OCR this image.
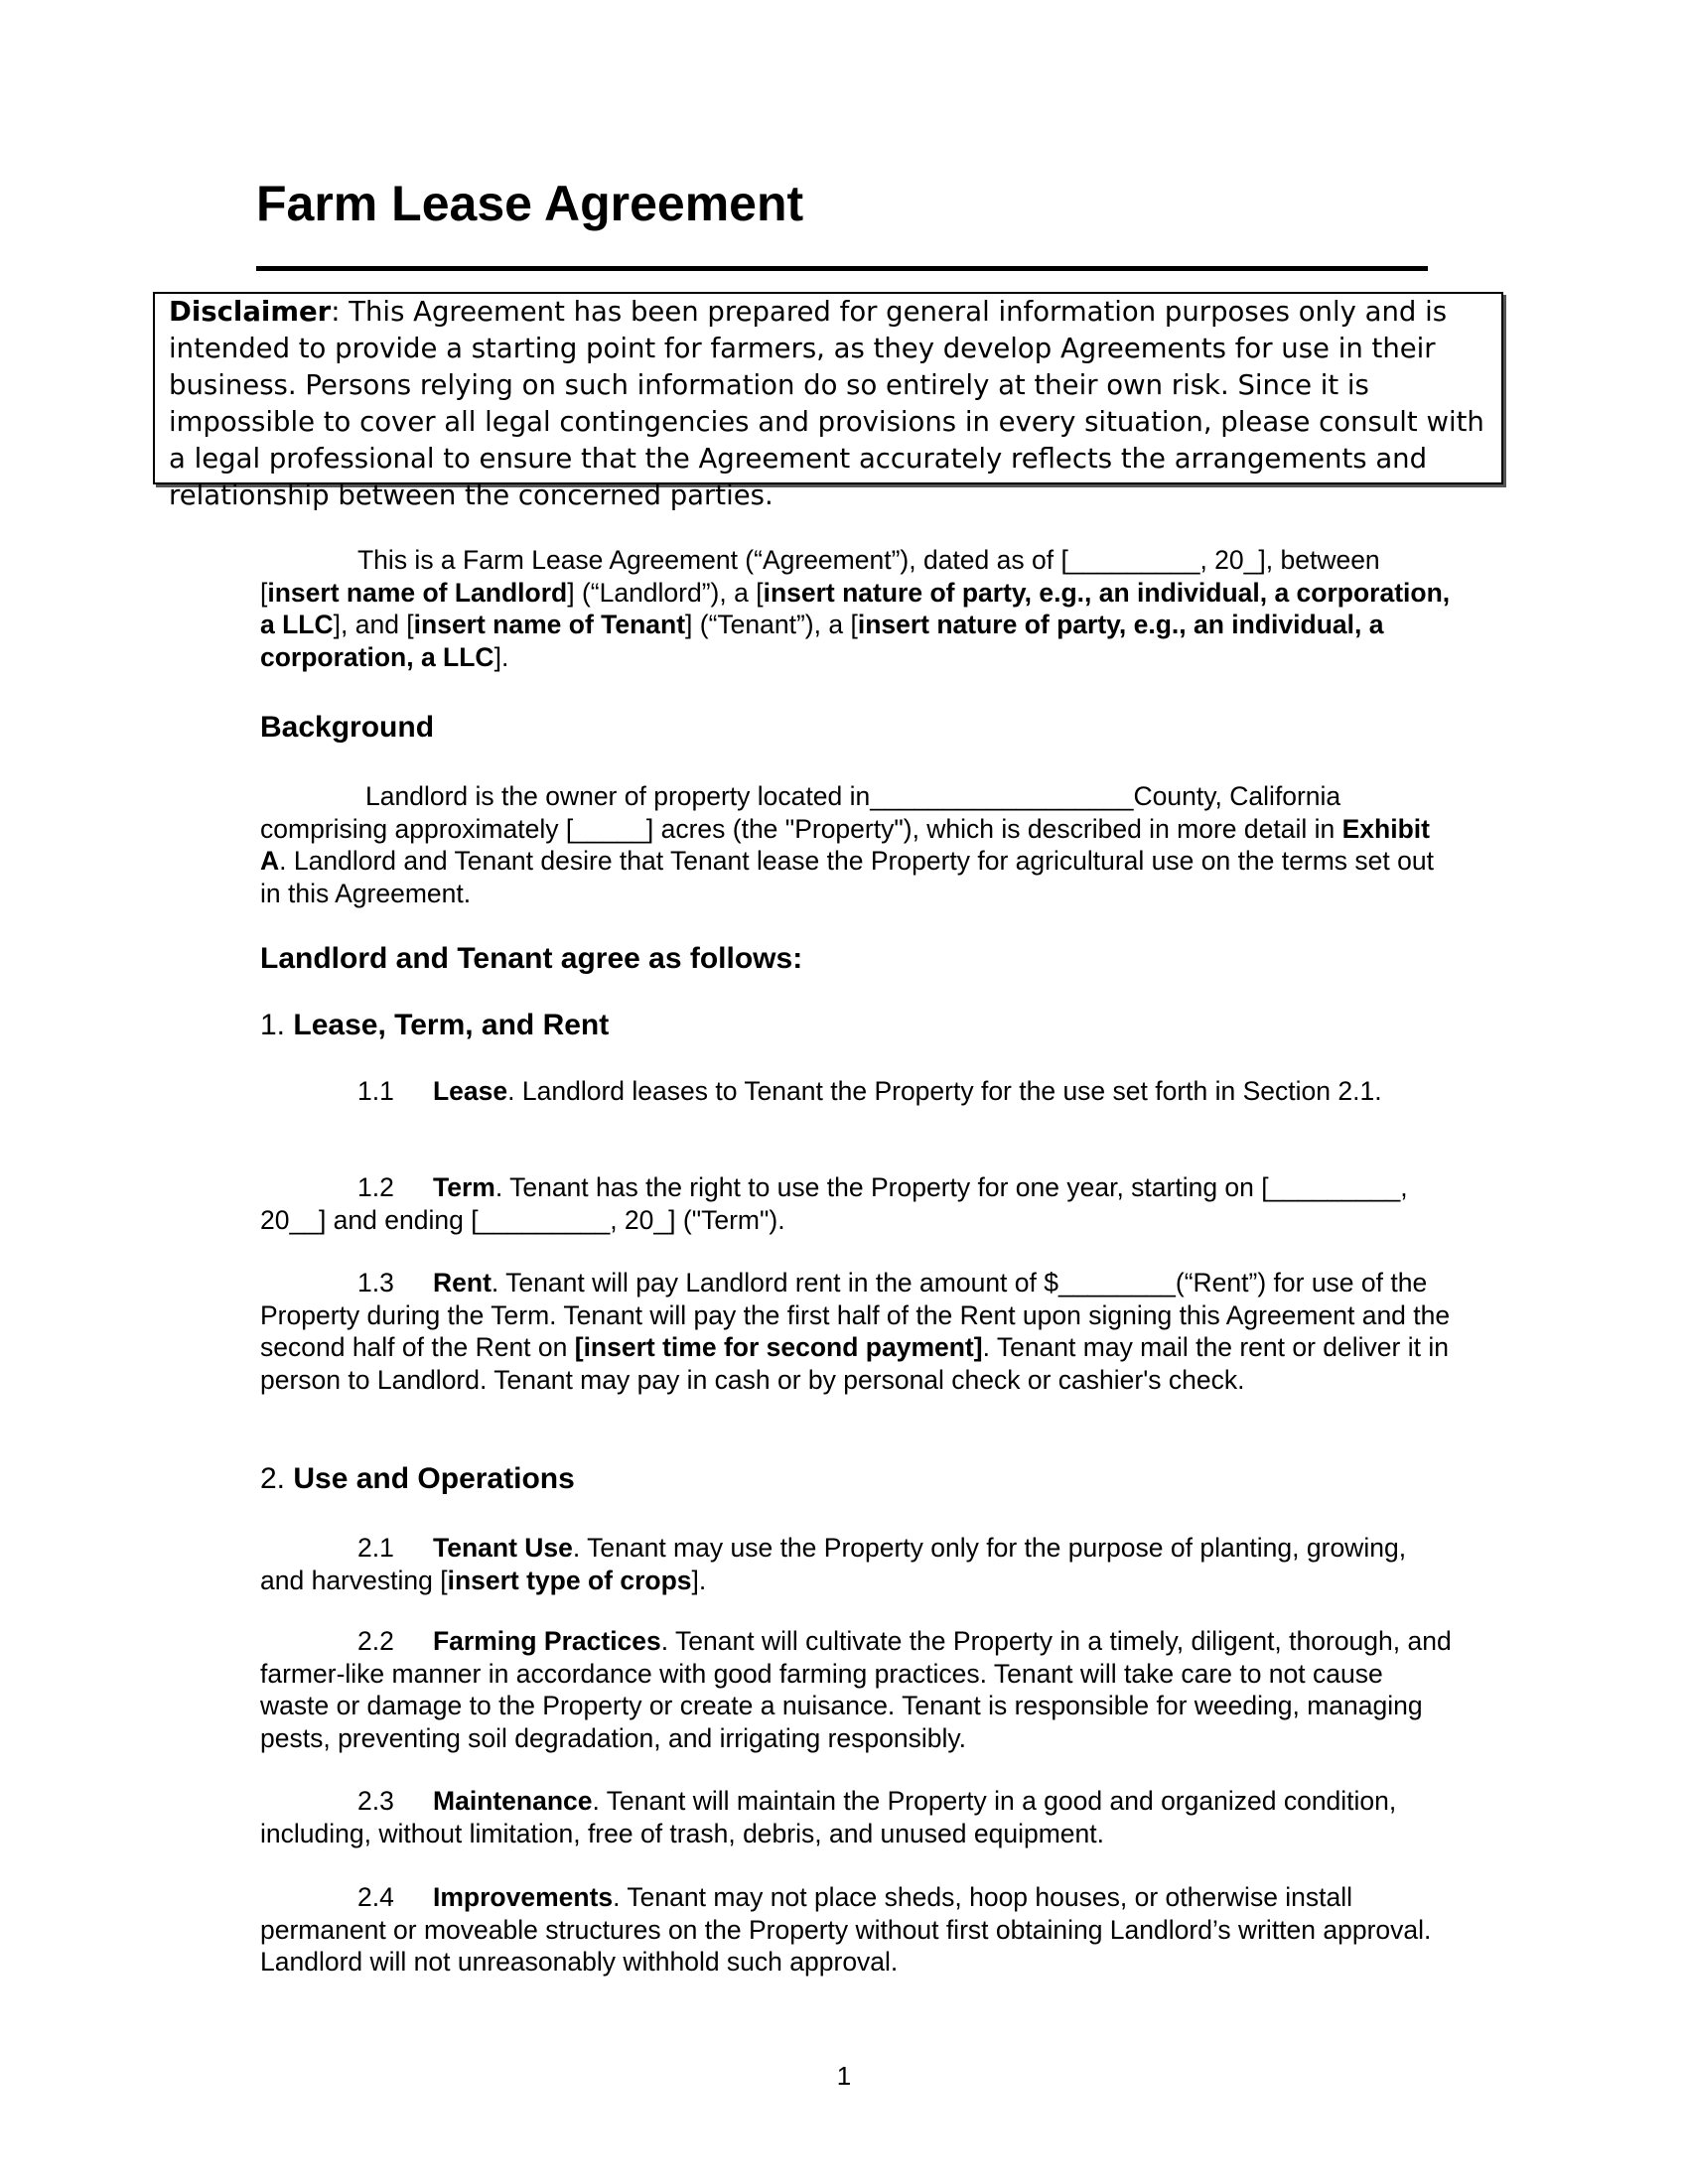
Farm Lease Agreement

Disclaimer: This Agreement has been prepared for general information purposes only and is intended to provide a starting point for farmers, as they develop Agreements for use in their business. Persons relying on such information do so entirely at their own risk. Since it is impossible to cover all legal contingencies and provisions in every situation, please consult with a legal professional to ensure that the Agreement accurately reflects the arrangements and relationship between the concerned parties.

This is a Farm Lease Agreement (“Agreement”), dated as of [_________, 20_], between [insert name of Landlord] (“Landlord”), a [insert nature of party, e.g., an individual, a corporation, a LLC], and [insert name of Tenant] (“Tenant”), a [insert nature of party, e.g., an individual, a corporation, a LLC].

Background

Landlord is the owner of property located in__________________County, California comprising approximately [_____] acres (the "Property"), which is described in more detail in Exhibit A. Landlord and Tenant desire that Tenant lease the Property for agricultural use on the terms set out in this Agreement.

Landlord and Tenant agree as follows:

1. Lease, Term, and Rent

1.1 Lease. Landlord leases to Tenant the Property for the use set forth in Section 2.1.

1.2 Term. Tenant has the right to use the Property for one year, starting on [_________, 20__] and ending [_________, 20_] ("Term").

1.3 Rent. Tenant will pay Landlord rent in the amount of $________(“Rent”) for use of the Property during the Term. Tenant will pay the first half of the Rent upon signing this Agreement and the second half of the Rent on [insert time for second payment]. Tenant may mail the rent or deliver it in person to Landlord. Tenant may pay in cash or by personal check or cashier's check.

2. Use and Operations

2.1 Tenant Use. Tenant may use the Property only for the purpose of planting, growing, and harvesting [insert type of crops].

2.2 Farming Practices. Tenant will cultivate the Property in a timely, diligent, thorough, and farmer-like manner in accordance with good farming practices. Tenant will take care to not cause waste or damage to the Property or create a nuisance. Tenant is responsible for weeding, managing pests, preventing soil degradation, and irrigating responsibly.

2.3 Maintenance. Tenant will maintain the Property in a good and organized condition, including, without limitation, free of trash, debris, and unused equipment.

2.4 Improvements. Tenant may not place sheds, hoop houses, or otherwise install permanent or moveable structures on the Property without first obtaining Landlord’s written approval. Landlord will not unreasonably withhold such approval.

1
